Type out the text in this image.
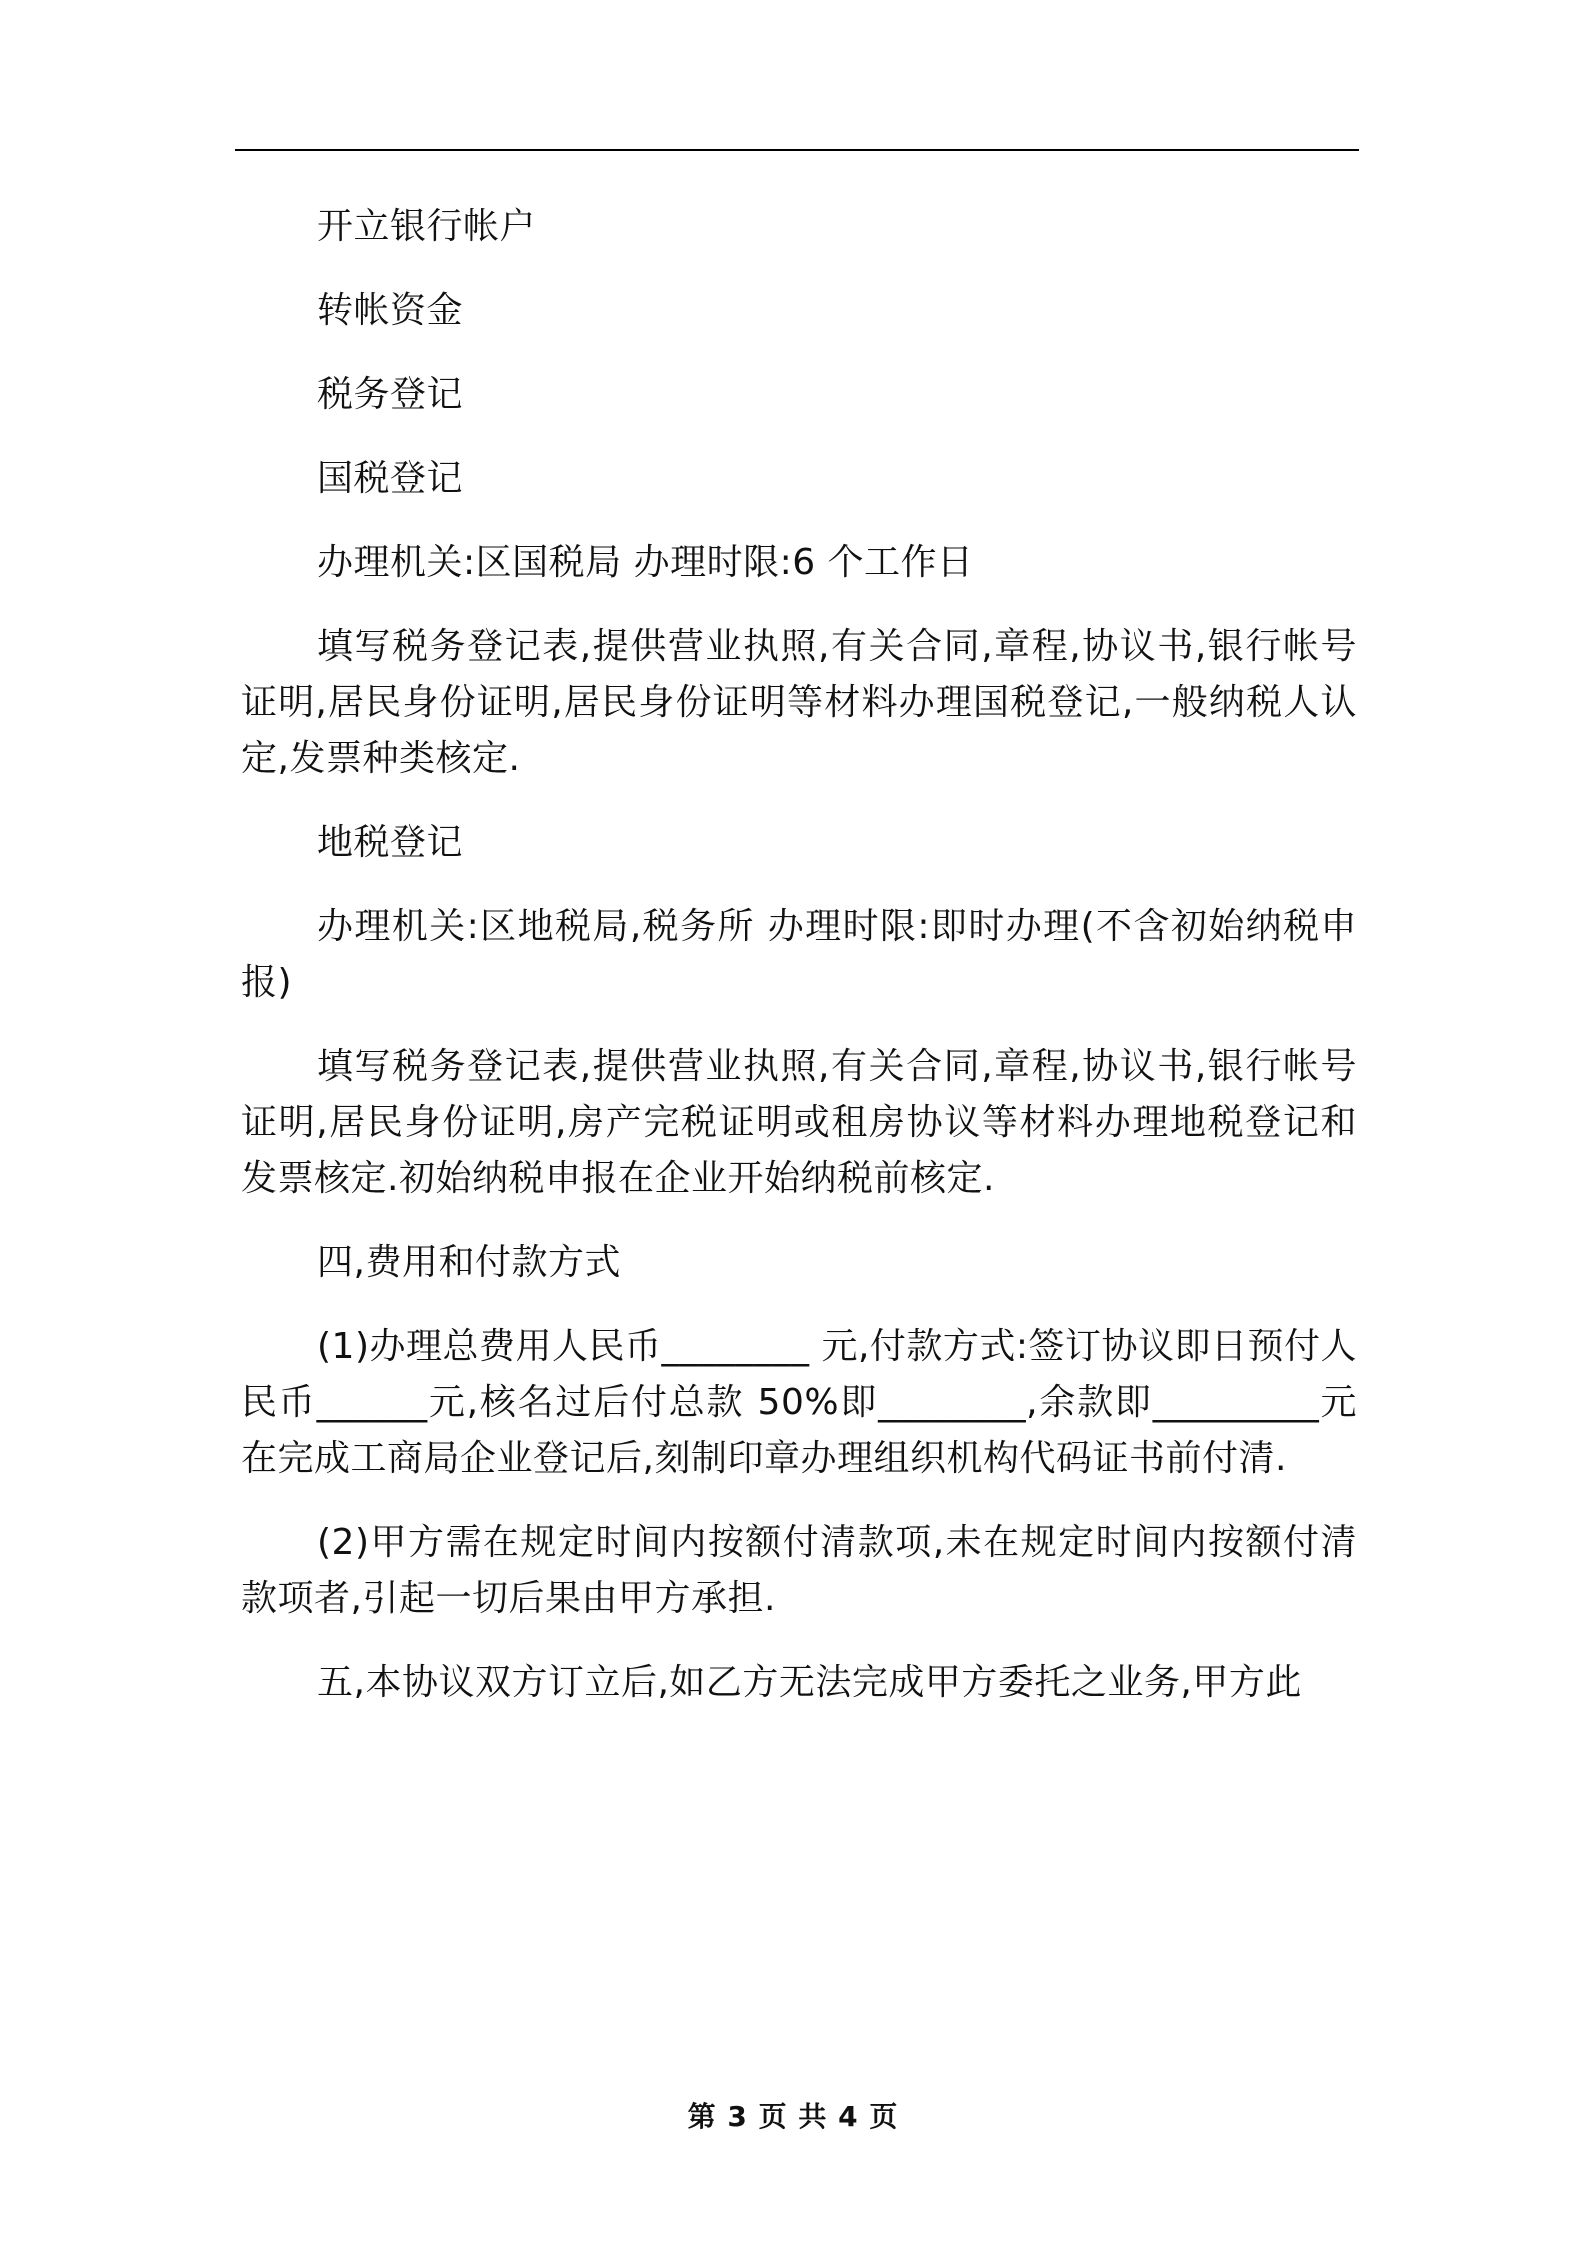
开立银行帐户

转帐资金

税务登记

国税登记

办理机关:区国税局 办理时限:6 个工作日

填写税务登记表,提供营业执照,有关合同,章程,协议书,银行帐号证明,居民身份证明,居民身份证明等材料办理国税登记,一般纳税人认定,发票种类核定.

地税登记

办理机关:区地税局,税务所 办理时限:即时办理(不含初始纳税申报)

填写税务登记表,提供营业执照,有关合同,章程,协议书,银行帐号证明,居民身份证明,房产完税证明或租房协议等材料办理地税登记和发票核定.初始纳税申报在企业开始纳税前核定.

四,费用和付款方式

(1)办理总费用人民币________ 元,付款方式:签订协议即日预付人民币______元,核名过后付总款 50%即________,余款即_________元在完成工商局企业登记后,刻制印章办理组织机构代码证书前付清.

(2)甲方需在规定时间内按额付清款项,未在规定时间内按额付清款项者,引起一切后果由甲方承担.

五,本协议双方订立后,如乙方无法完成甲方委托之业务,甲方此

第 3 页 共 4 页
